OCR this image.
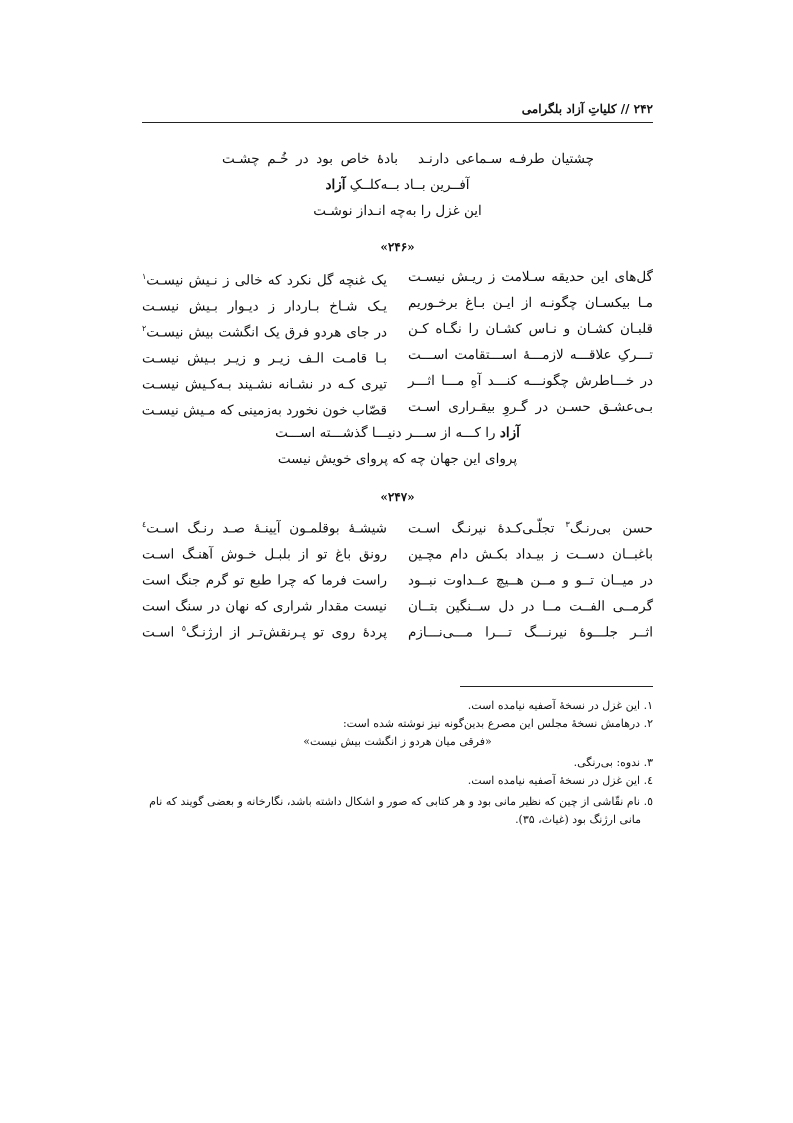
۲۴۲ // کلیاتِ آزاد بلگرامی
چشتیان طرفـه سـماعی دارنـد
بادۀ خاص بود در خُـم چشـت
آفــرین بــاد بــه‌کلــکِ آزاد
این غزل را به‌چه انـداز نوشـت
«۲۴۶»
گل‌های این حدیقه سـلامت ز ریـش نیسـت
یک غنچه گل نکرد که خالی ز نـیش نیسـت$^۱$
مـا بیکسـان چگونـه از ایـن بـاغ برخـوریم
یـک شـاخ بـاردار ز دیـوار بـیش نیسـت
قلبـان کشـان و نـاس کشـان را نگـاه کـن
در جای هردو فرق یک انگشت بیش نیسـت$^۲$
تـــرکِ علاقـــه لازمـــۀ اســـتقامت اســـت
بـا قامـت الـف زیـر و زیـر بـیش نیسـت
در خـــاطرش چگونـــه کنـــد آهِ مـــا اثـــر
تیری کـه در نشـانه نشـیند بـه‌کـیش نیسـت
بـی‌عشـق حسـن در گـروِ بیقـراری اسـت
قصّاب خون نخورد به‌زمینی که مـیش نیسـت
آزاد را کـــه از ســـر دنیـــا گذشـــته اســـت
پروای این جهان چه که پروای خویش نیست
«۲۴۷»
حسن بی‌رنـگ$^۳$ تجلّـی‌کـدۀ نیرنـگ اسـت
شیشـۀ بوقلمـون آیینـۀ صـد رنـگ اسـت$^٤$
باغبــان دســت ز بیـداد بکـش دام مچـین
رونق باغ تو از بلبـل خـوش آهنـگ اسـت
در میــان تــو و مــن هــیچ عــداوت نبــود
راست فرما که چرا طبع تو گرم جنگ است
گرمــی الفــت مــا در دل ســنگین بتــان
نیست مقدار شراری که نهان در سنگ است
اثــر جلـــوۀ نیرنـــگ تـــرا مـــی‌نـــازم
پردۀ روی تو پـرنقش‌تـر از ارژنـگ$^٥$ اسـت
۱. این غزل در نسخۀ آصفیه نیامده است.
۲. درهامش نسخۀ مجلس این مصرع بدین‌گونه نیز نوشته شده است:
«فرقی میان هردو ز انگشت بیش نیست»
۳. ندوه: بی‌رنگی.
٤. این غزل در نسخۀ آصفیه نیامده است.
٥. نام نقّاشی از چین که نظیر مانی بود و هر کتابی که صور و اشکال داشته باشد، نگارخانه و بعضی گویند که نام
مانی ارژنگ بود (غیاث، ۳۵).
